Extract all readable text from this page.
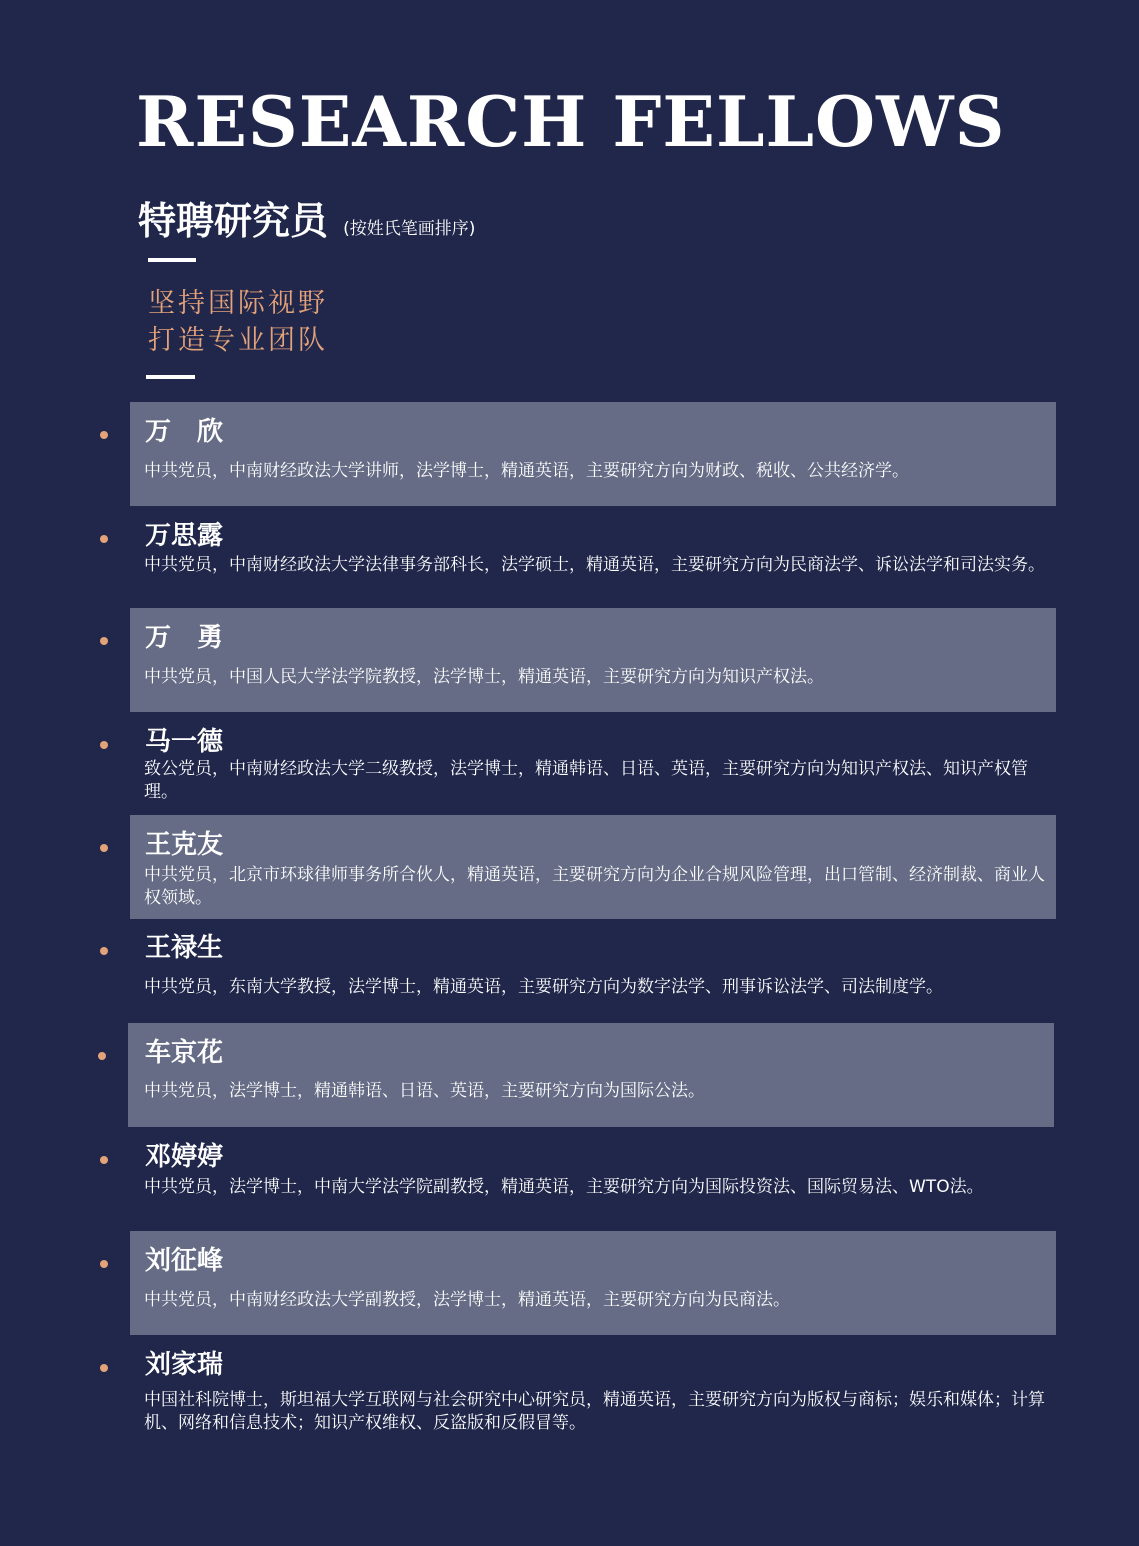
RESEARCH FELLOWS
特聘研究员 (按姓氏笔画排序)
坚持国际视野
打造专业团队
万　欣
中共党员，中南财经政法大学讲师，法学博士，精通英语，主要研究方向为财政、税收、公共经济学。
万思露
中共党员，中南财经政法大学法律事务部科长，法学硕士，精通英语，主要研究方向为民商法学、诉讼法学和司法实务。
万　勇
中共党员，中国人民大学法学院教授，法学博士，精通英语，主要研究方向为知识产权法。
马一德
致公党员，中南财经政法大学二级教授，法学博士，精通韩语、日语、英语，主要研究方向为知识产权法、知识产权管理。
王克友
中共党员，北京市环球律师事务所合伙人，精通英语，主要研究方向为企业合规风险管理，出口管制、经济制裁、商业人权领域。
王禄生
中共党员，东南大学教授，法学博士，精通英语，主要研究方向为数字法学、刑事诉讼法学、司法制度学。
车京花
中共党员，法学博士，精通韩语、日语、英语，主要研究方向为国际公法。
邓婷婷
中共党员，法学博士，中南大学法学院副教授，精通英语，主要研究方向为国际投资法、国际贸易法、WTO法。
刘征峰
中共党员，中南财经政法大学副教授，法学博士，精通英语，主要研究方向为民商法。
刘家瑞
中国社科院博士，斯坦福大学互联网与社会研究中心研究员，精通英语，主要研究方向为版权与商标；娱乐和媒体；计算机、网络和信息技术；知识产权维权、反盗版和反假冒等。
